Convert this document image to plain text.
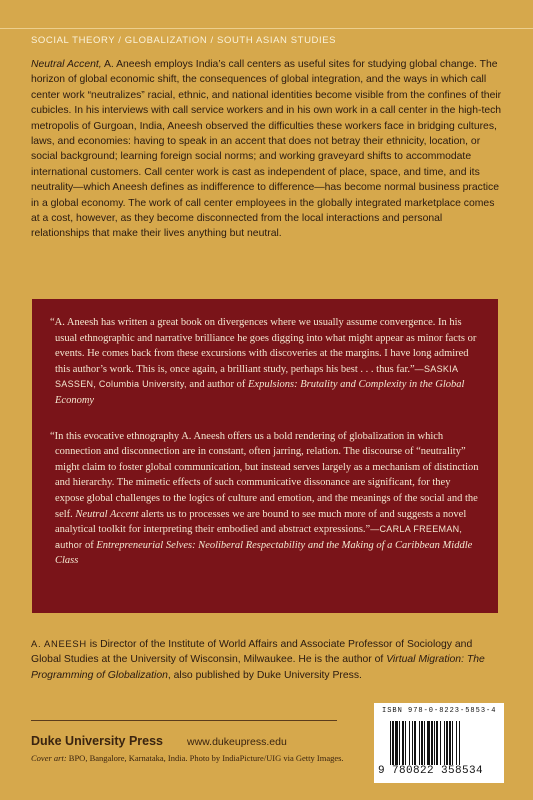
SOCIAL THEORY / GLOBALIZATION / SOUTH ASIAN STUDIES

Neutral Accent, A. Aneesh employs India’s call centers as useful sites for studying global change. The horizon of global economic shift, the consequences of global integration, and the ways in which call center work “neutralizes” racial, ethnic, and national identities become visible from the confines of their cubicles. In his interviews with call service workers and in his own work in a call center in the high-tech metropolis of Gurgoan, India, Aneesh observed the difficulties these workers face in bridging cultures, laws, and economies: having to speak in an accent that does not betray their ethnicity, location, or social background; learning foreign social norms; and working graveyard shifts to accommodate international customers. Call center work is cast as independent of place, space, and time, and its neutrality—which Aneesh defines as indifference to difference—has become normal business practice in a global economy. The work of call center employees in the globally integrated marketplace comes at a cost, however, as they become disconnected from the local interactions and personal relationships that make their lives anything but neutral.

“A. Aneesh has written a great book on divergences where we usually assume convergence. In his usual ethnographic and narrative brilliance he goes digging into what might appear as minor facts or events. He comes back from these excursions with discoveries at the margins. I have long admired this author’s work. This is, once again, a brilliant study, perhaps his best . . . thus far.”—SASKIA SASSEN, Columbia University, and author of Expulsions: Brutality and Complexity in the Global Economy

“In this evocative ethnography A. Aneesh offers us a bold rendering of globalization in which connection and disconnection are in constant, often jarring, relation. The discourse of “neutrality” might claim to foster global communication, but instead serves largely as a mechanism of distinction and hierarchy. The mimetic effects of such communicative dissonance are significant, for they expose global challenges to the logics of culture and emotion, and the meanings of the social and the self. Neutral Accent alerts us to processes we are bound to see much more of and suggests a novel analytical toolkit for interpreting their embodied and abstract expressions.”—CARLA FREEMAN, author of Entrepreneurial Selves: Neoliberal Respectability and the Making of a Caribbean Middle Class

A. ANEESH is Director of the Institute of World Affairs and Associate Professor of Sociology and Global Studies at the University of Wisconsin, Milwaukee. He is the author of Virtual Migration: The Programming of Globalization, also published by Duke University Press.

Duke University Press www.dukeupress.edu
Cover art: BPO, Bangalore, Karnataka, India. Photo by IndiaPicture/UIG via Getty Images.
ISBN 978-0-8223-5853-4
9 780822 358534
